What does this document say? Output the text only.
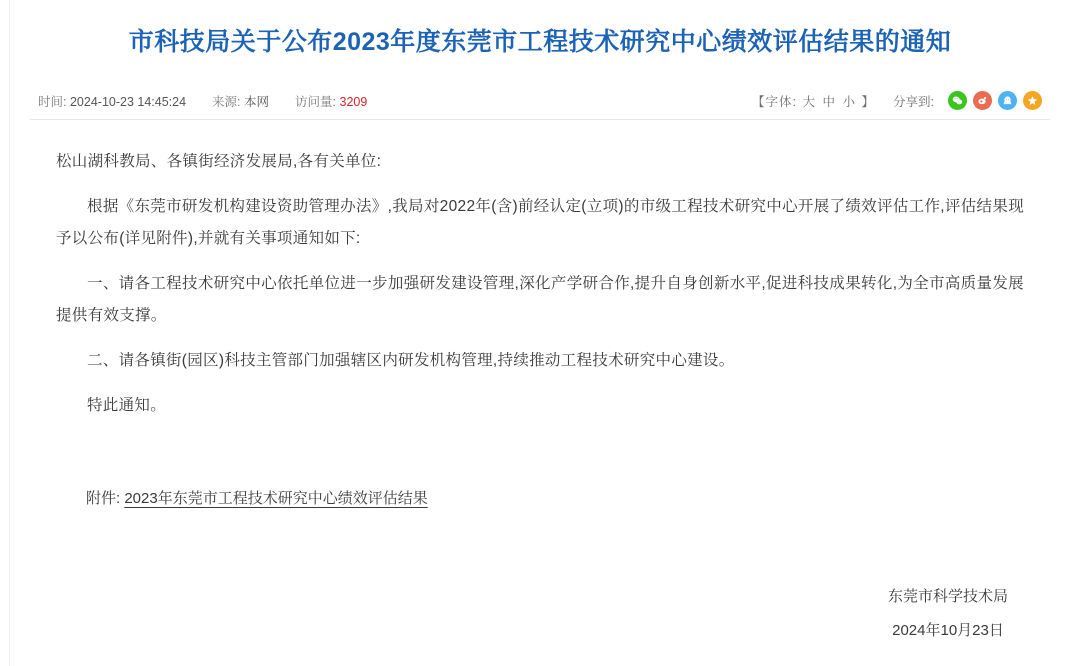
市科技局关于公布2023年度东莞市工程技术研究中心绩效评估结果的通知
时间: 2024-10-23 14:45:24 来源: 本网 访问量: 3209	【字体: 大 中 小 】 分享到:

松山湖科教局、各镇街经济发展局,各有关单位:

根据《东莞市研发机构建设资助管理办法》,我局对2022年(含)前经认定(立项)的市级工程技术研究中心开展了绩效评估工作,评估结果现予以公布(详见附件),并就有关事项通知如下:

一、请各工程技术研究中心依托单位进一步加强研发建设管理,深化产学研合作,提升自身创新水平,促进科技成果转化,为全市高质量发展提供有效支撑。

二、请各镇街(园区)科技主管部门加强辖区内研发机构管理,持续推动工程技术研究中心建设。

特此通知。

附件: 2023年东莞市工程技术研究中心绩效评估结果
东莞市科学技术局
2024年10月23日
